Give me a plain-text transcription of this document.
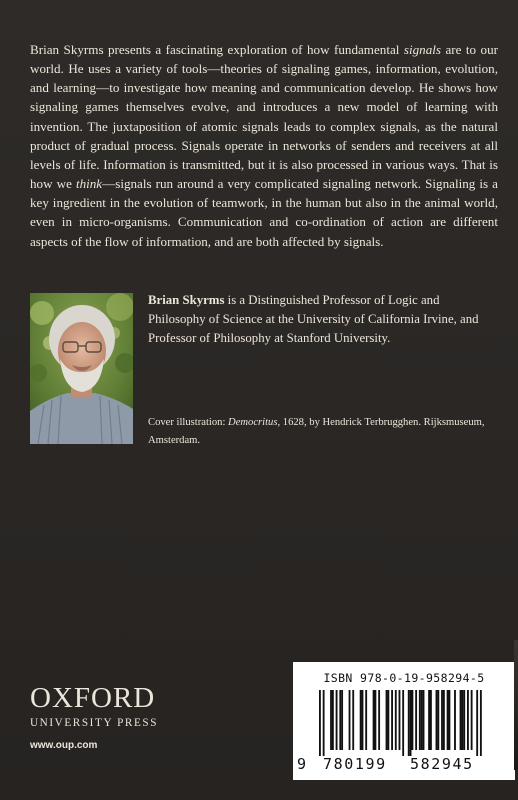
Brian Skyrms presents a fascinating exploration of how fundamental signals are to our world. He uses a variety of tools—theories of signaling games, information, evolution, and learning—to investigate how meaning and communication develop. He shows how signaling games themselves evolve, and introduces a new model of learning with invention. The juxtaposition of atomic signals leads to complex signals, as the natural product of gradual process. Signals operate in networks of senders and receivers at all levels of life. Information is transmitted, but it is also processed in various ways. That is how we think—signals run around a very complicated signaling network. Signaling is a key ingredient in the evolution of teamwork, in the human but also in the animal world, even in micro-organisms. Communication and co-ordination of action are different aspects of the flow of information, and are both affected by signals.

Brian Skyrms is a Distinguished Professor of Logic and Philosophy of Science at the University of California Irvine, and Professor of Philosophy at Stanford University.

Cover illustration: Democritus, 1628, by Hendrick Terbrugghen. Rijksmuseum, Amsterdam.

OXFORD
UNIVERSITY PRESS
www.oup.com
ISBN 978-0-19-958294-5
9 780199 582945
